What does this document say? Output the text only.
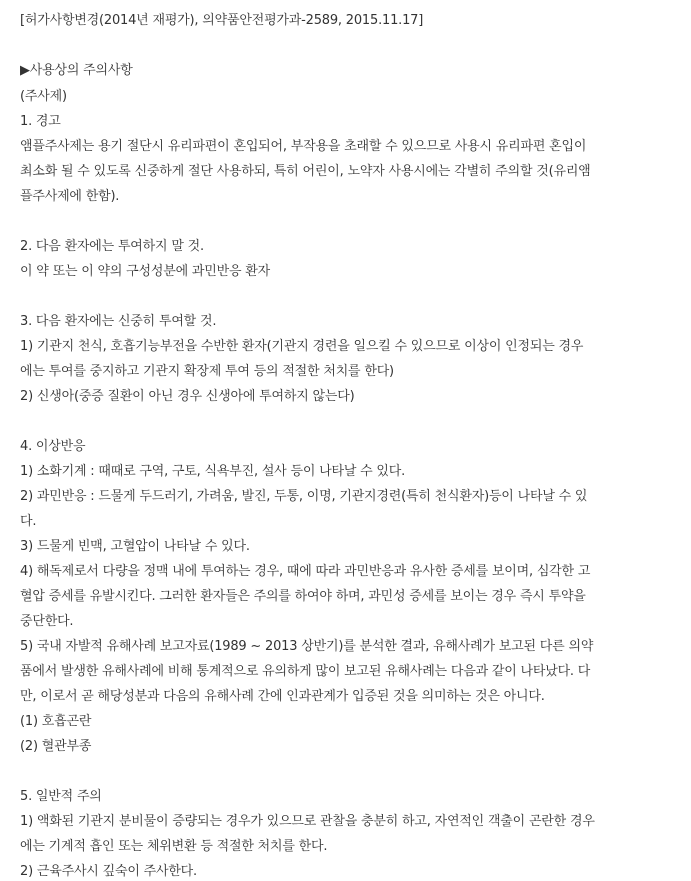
[허가사항변경(2014년 재평가), 의약품안전평가과-2589, 2015.11.17]
▶사용상의 주의사항
(주사제)
1. 경고
앰플주사제는 용기 절단시 유리파편이 혼입되어, 부작용을 초래할 수 있으므로 사용시 유리파편 혼입이
최소화 될 수 있도록 신중하게 절단 사용하되, 특히 어린이, 노약자 사용시에는 각별히 주의할 것(유리앰
플주사제에 한함).
2. 다음 환자에는 투여하지 말 것.
이 약 또는 이 약의 구성성분에 과민반응 환자
3. 다음 환자에는 신중히 투여할 것.
1) 기관지 천식, 호흡기능부전을 수반한 환자(기관지 경련을 일으킬 수 있으므로 이상이 인정되는 경우
에는 투여를 중지하고 기관지 확장제 투여 등의 적절한 처치를 한다)
2) 신생아(중증 질환이 아닌 경우 신생아에 투여하지 않는다)
4. 이상반응
1) 소화기계 : 때때로 구역, 구토, 식욕부진, 설사 등이 나타날 수 있다.
2) 과민반응 : 드물게 두드러기, 가려움, 발진, 두통, 이명, 기관지경련(특히 천식환자)등이 나타날 수 있
다.
3) 드물게 빈맥, 고혈압이 나타날 수 있다.
4) 해독제로서 다량을 정맥 내에 투여하는 경우, 때에 따라 과민반응과 유사한 증세를 보이며, 심각한 고
혈압 증세를 유발시킨다. 그러한 환자들은 주의를 하여야 하며, 과민성 증세를 보이는 경우 즉시 투약을
중단한다.
5) 국내 자발적 유해사례 보고자료(1989 ~ 2013 상반기)를 분석한 결과, 유해사례가 보고된 다른 의약
품에서 발생한 유해사례에 비해 통계적으로 유의하게 많이 보고된 유해사례는 다음과 같이 나타났다. 다
만, 이로서 곧 해당성분과 다음의 유해사례 간에 인과관계가 입증된 것을 의미하는 것은 아니다.
(1) 호흡곤란
(2) 혈관부종
5. 일반적 주의
1) 액화된 기관지 분비물이 증량되는 경우가 있으므로 관찰을 충분히 하고, 자연적인 객출이 곤란한 경우
에는 기계적 흡인 또는 체위변환 등 적절한 처치를 한다.
2) 근육주사시 깊숙이 주사한다.
